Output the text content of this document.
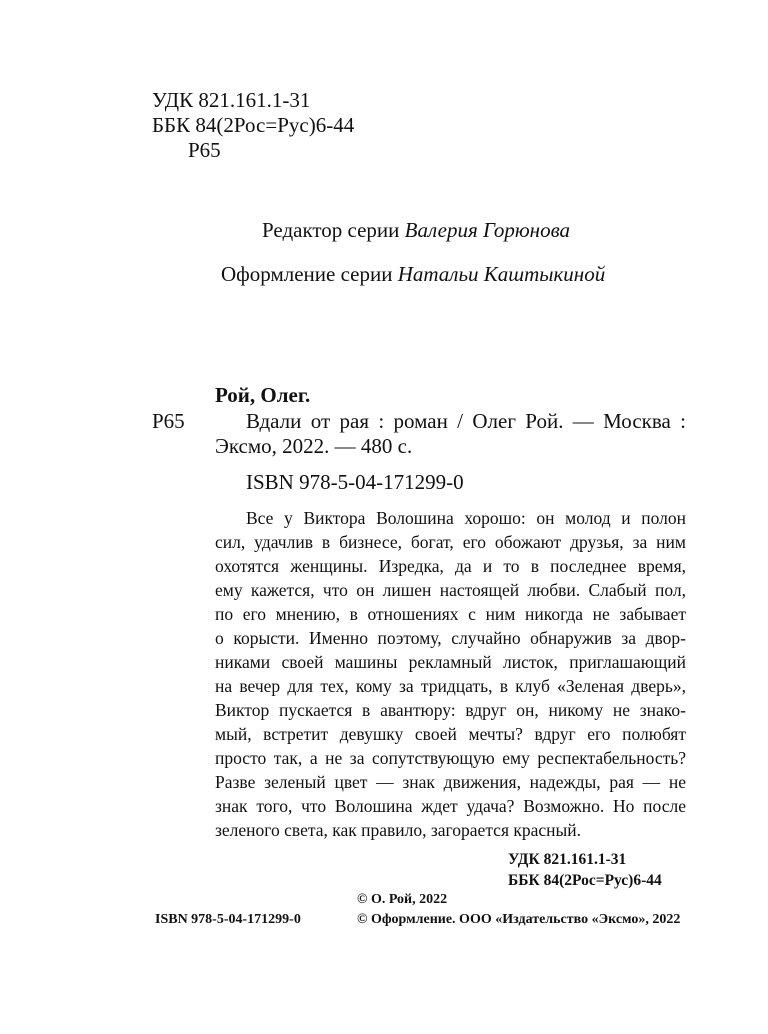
УДК 821.161.1-31
ББК 84(2Рос=Рус)6-44
Р65
Редактор серии Валерия Горюнова
Оформление серии Натальи Каштыкиной
Рой, Олег.
Р65	Вдали от рая : роман / Олег Рой. — Москва :
Эксмо, 2022. — 480 с.
ISBN 978-5-04-171299-0
Все у Виктора Волошина хорошо: он молод и полон
сил, удачлив в бизнесе, богат, его обожают друзья, за ним
охотятся женщины. Изредка, да и то в последнее время,
ему кажется, что он лишен настоящей любви. Слабый пол,
по его мнению, в отношениях с ним никогда не забывает
о корысти. Именно поэтому, случайно обнаружив за двор-
никами своей машины рекламный листок, приглашающий
на вечер для тех, кому за тридцать, в клуб «Зеленая дверь»,
Виктор пускается в авантюру: вдруг он, никому не знако-
мый, встретит девушку своей мечты? вдруг его полюбят
просто так, а не за сопутствующую ему респектабельность?
Разве зеленый цвет — знак движения, надежды, рая — не
знак того, что Волошина ждет удача? Возможно. Но после
зеленого света, как правило, загорается красный.
УДК 821.161.1-31
ББК 84(2Рос=Рус)6-44
© О. Рой, 2022
ISBN 978-5-04-171299-0	© Оформление. ООО «Издательство «Эксмо», 2022
